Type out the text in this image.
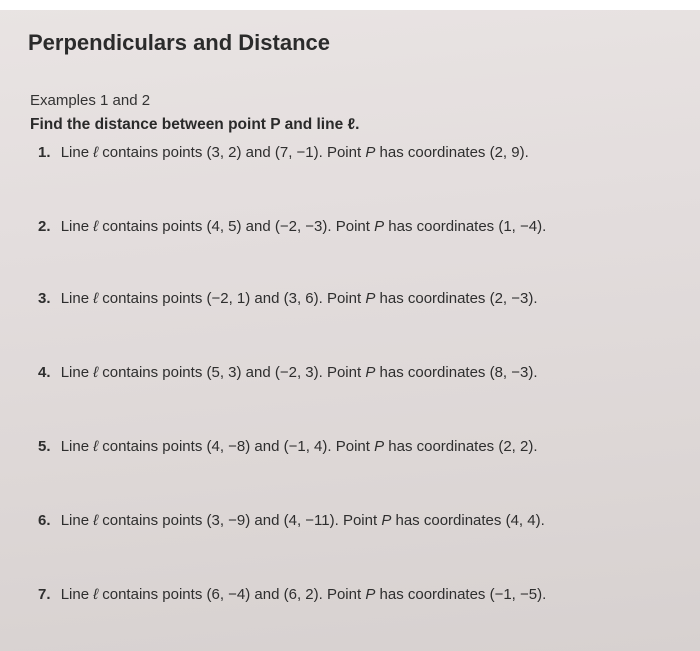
Perpendiculars and Distance
Examples 1 and 2
Find the distance between point P and line ℓ.
1. Line ℓ contains points (3, 2) and (7, −1). Point P has coordinates (2, 9).
2. Line ℓ contains points (4, 5) and (−2, −3). Point P has coordinates (1, −4).
3. Line ℓ contains points (−2, 1) and (3, 6). Point P has coordinates (2, −3).
4. Line ℓ contains points (5, 3) and (−2, 3). Point P has coordinates (8, −3).
5. Line ℓ contains points (4, −8) and (−1, 4). Point P has coordinates (2, 2).
6. Line ℓ contains points (3, −9) and (4, −11). Point P has coordinates (4, 4).
7. Line ℓ contains points (6, −4) and (6, 2). Point P has coordinates (−1, −5).
